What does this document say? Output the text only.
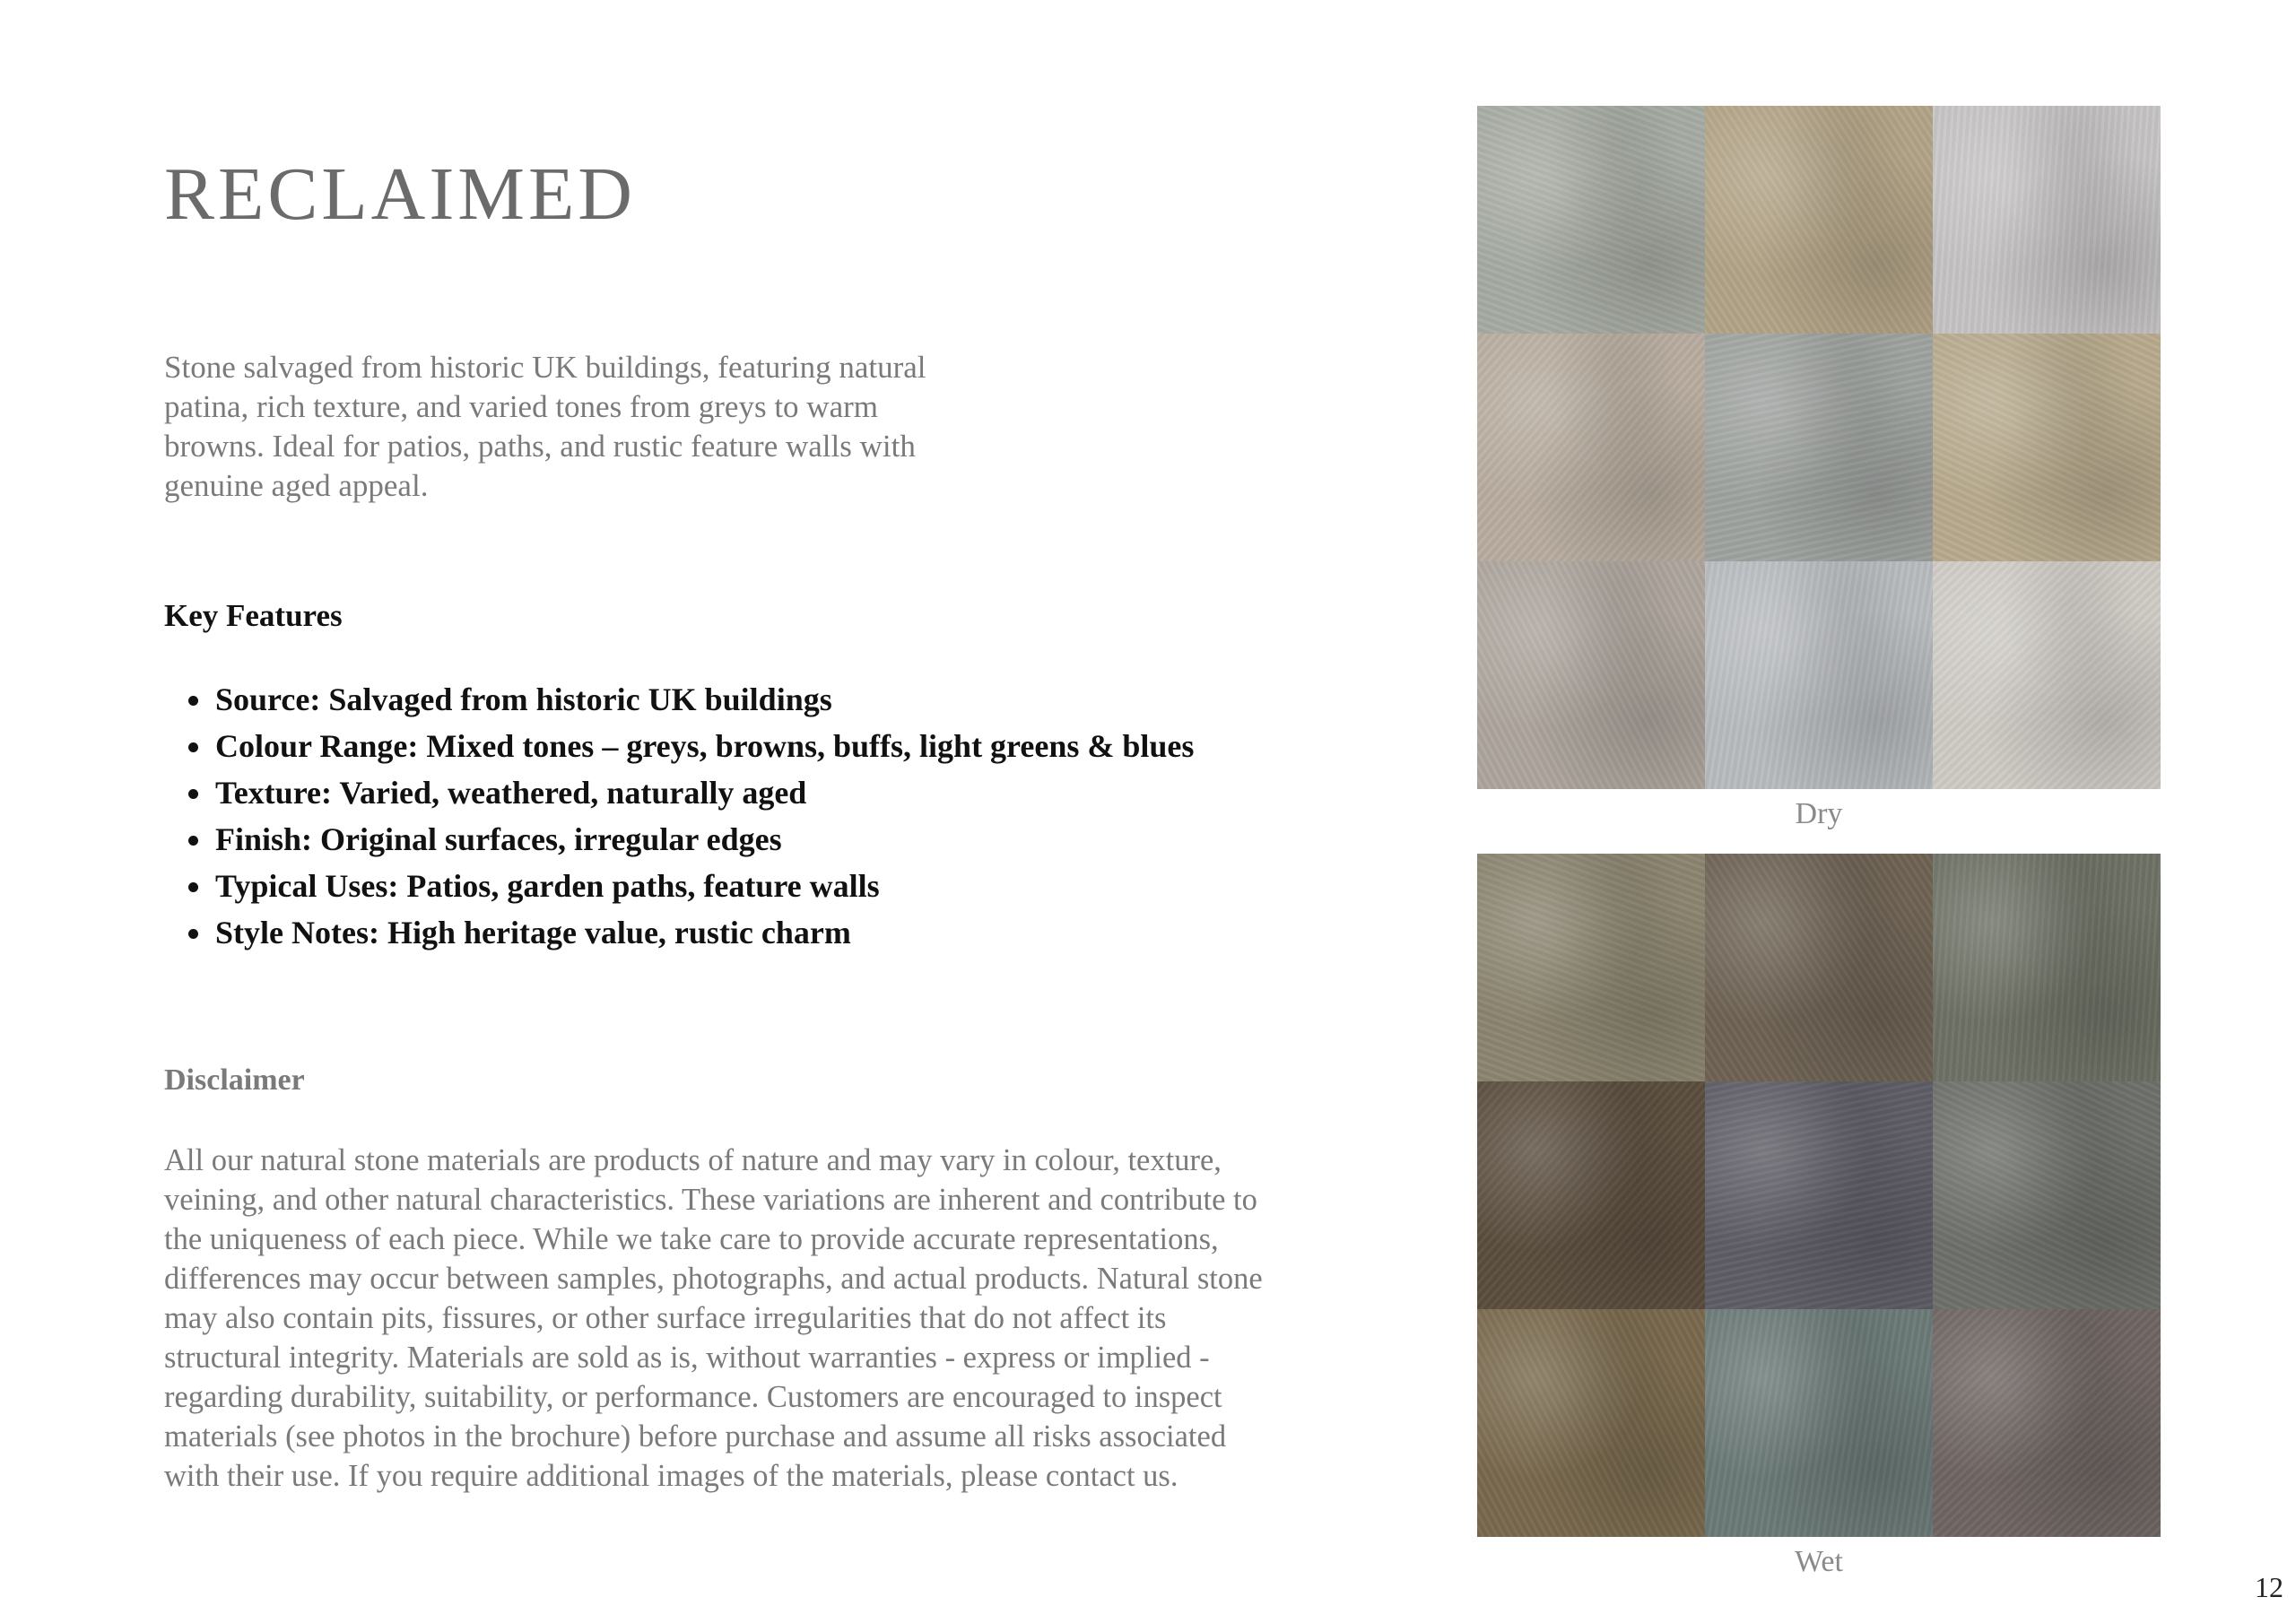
RECLAIMED

Stone salvaged from historic UK buildings, featuring natural patina, rich texture, and varied tones from greys to warm browns. Ideal for patios, paths, and rustic feature walls with genuine aged appeal.

Key Features
• Source: Salvaged from historic UK buildings
• Colour Range: Mixed tones – greys, browns, buffs, light greens & blues
• Texture: Varied, weathered, naturally aged
• Finish: Original surfaces, irregular edges
• Typical Uses: Patios, garden paths, feature walls
• Style Notes: High heritage value, rustic charm
Disclaimer

All our natural stone materials are products of nature and may vary in colour, texture, veining, and other natural characteristics. These variations are inherent and contribute to the uniqueness of each piece. While we take care to provide accurate representations, differences may occur between samples, photographs, and actual products. Natural stone may also contain pits, fissures, or other surface irregularities that do not affect its structural integrity. Materials are sold as is, without warranties - express or implied - regarding durability, suitability, or performance. Customers are encouraged to inspect materials (see photos in the brochure) before purchase and assume all risks associated with their use. If you require additional images of the materials, please contact us.

Dry
Wet
12
